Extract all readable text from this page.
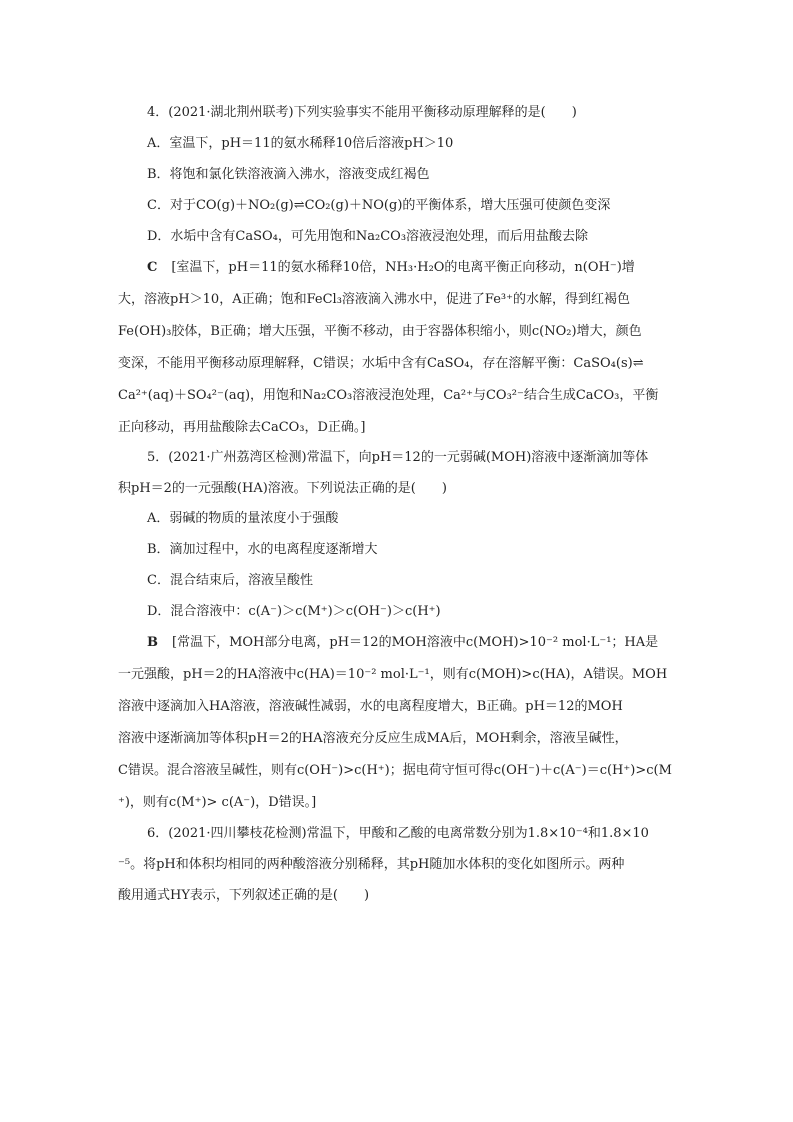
4．(2021·湖北荆州联考)下列实验事实不能用平衡移动原理解释的是(　　)
A．室温下，pH＝11的氨水稀释10倍后溶液pH＞10
B．将饱和氯化铁溶液滴入沸水，溶液变成红褐色
C．对于CO(g)＋NO₂(g)⇌CO₂(g)＋NO(g)的平衡体系，增大压强可使颜色变深
D．水垢中含有CaSO₄，可先用饱和Na₂CO₃溶液浸泡处理，而后用盐酸去除
C [室温下，pH＝11的氨水稀释10倍，NH₃·H₂O的电离平衡正向移动，n(OH⁻)增
大，溶液pH＞10，A正确；饱和FeCl₃溶液滴入沸水中，促进了Fe³⁺的水解，得到红褐色
Fe(OH)₃胶体，B正确；增大压强，平衡不移动，由于容器体积缩小，则c(NO₂)增大，颜色
变深，不能用平衡移动原理解释，C错误；水垢中含有CaSO₄，存在溶解平衡：CaSO₄(s)⇌
Ca²⁺(aq)＋SO₄²⁻(aq)，用饱和Na₂CO₃溶液浸泡处理，Ca²⁺与CO₃²⁻结合生成CaCO₃，平衡
正向移动，再用盐酸除去CaCO₃，D正确。]
5．(2021·广州荔湾区检测)常温下，向pH＝12的一元弱碱(MOH)溶液中逐渐滴加等体
积pH＝2的一元强酸(HA)溶液。下列说法正确的是(　　)
A．弱碱的物质的量浓度小于强酸
B．滴加过程中，水的电离程度逐渐增大
C．混合结束后，溶液呈酸性
D．混合溶液中：c(A⁻)＞c(M⁺)＞c(OH⁻)＞c(H⁺)
B [常温下，MOH部分电离，pH＝12的MOH溶液中c(MOH)>10⁻² mol·L⁻¹；HA是
一元强酸，pH＝2的HA溶液中c(HA)＝10⁻² mol·L⁻¹，则有c(MOH)>c(HA)，A错误。MOH
溶液中逐滴加入HA溶液，溶液碱性减弱，水的电离程度增大，B正确。pH＝12的MOH
溶液中逐渐滴加等体积pH＝2的HA溶液充分反应生成MA后，MOH剩余，溶液呈碱性，
C错误。混合溶液呈碱性，则有c(OH⁻)>c(H⁺)；据电荷守恒可得c(OH⁻)＋c(A⁻)＝c(H⁺)>c(M
⁺)，则有c(M⁺)> c(A⁻)，D错误。]
6．(2021·四川攀枝花检测)常温下，甲酸和乙酸的电离常数分别为1.8×10⁻⁴和1.8×10
⁻⁵。将pH和体积均相同的两种酸溶液分别稀释，其pH随加水体积的变化如图所示。两种
酸用通式HY表示，下列叙述正确的是(　　)
